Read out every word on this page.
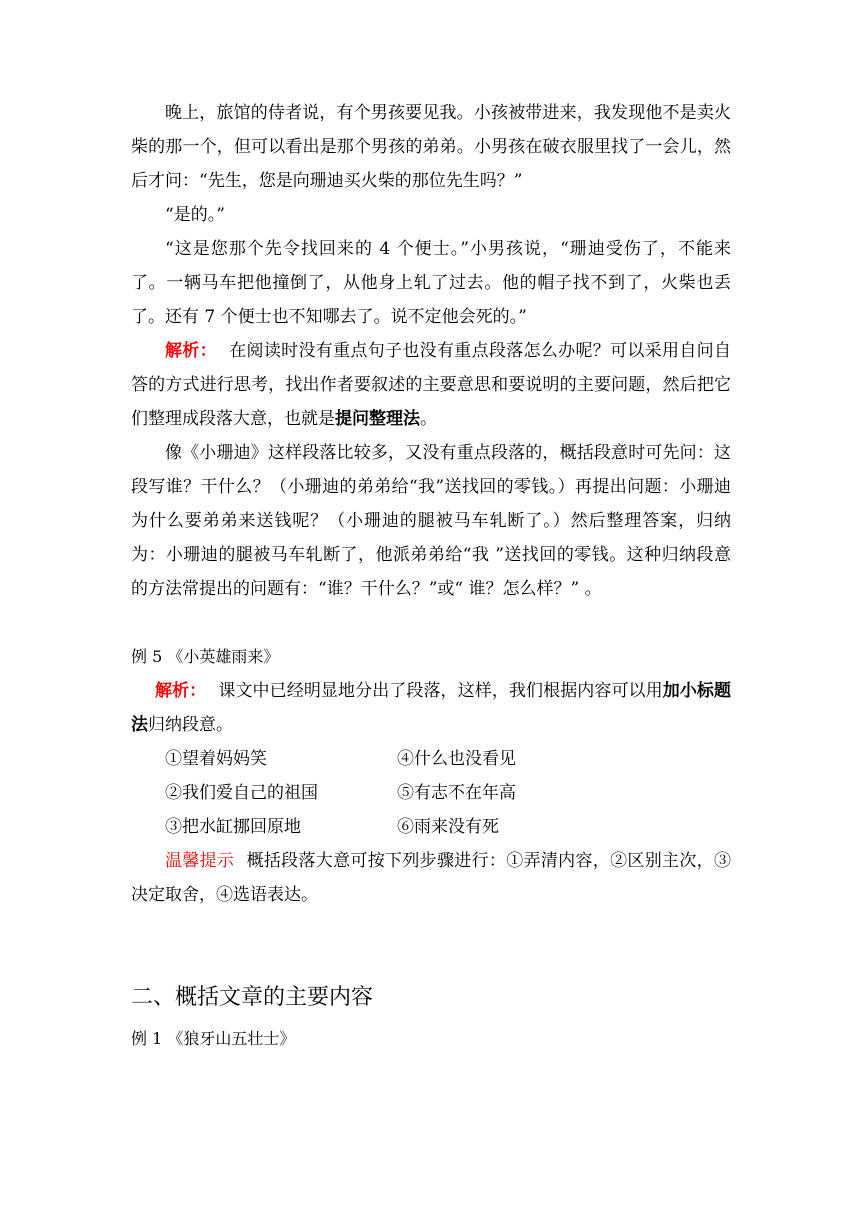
晚上，旅馆的侍者说，有个男孩要见我。小孩被带进来，我发现他不是卖火柴的那一个，但可以看出是那个男孩的弟弟。小男孩在破衣服里找了一会儿，然后才问：“先生，您是向珊迪买火柴的那位先生吗？”

“是的。”

“这是您那个先令找回来的 4 个便士。”小男孩说，“珊迪受伤了，不能来了。一辆马车把他撞倒了，从他身上轧了过去。他的帽子找不到了，火柴也丢了。还有 7 个便士也不知哪去了。说不定他会死的。”

解析： 在阅读时没有重点句子也没有重点段落怎么办呢？可以采用自问自答的方式进行思考，找出作者要叙述的主要意思和要说明的主要问题，然后把它们整理成段落大意，也就是提问整理法。

像《小珊迪》这样段落比较多，又没有重点段落的，概括段意时可先问：这段写谁？干什么？（小珊迪的弟弟给“我”送找回的零钱。）再提出问题：小珊迪为什么要弟弟来送钱呢？（小珊迪的腿被马车轧断了。）然后整理答案，归纳为：小珊迪的腿被马车轧断了，他派弟弟给“我 ”送找回的零钱。这种归纳段意的方法常提出的问题有：“谁？干什么？”或“ 谁？怎么样？” 。

例 5 《小英雄雨来》

解析： 课文中已经明显地分出了段落，这样，我们根据内容可以用加小标题法归纳段意。

①望着妈妈笑	④什么也没看见
②我们爱自己的祖国	⑤有志不在年高
③把水缸挪回原地	⑥雨来没有死

温馨提示 概括段落大意可按下列步骤进行：①弄清内容，②区别主次，③决定取舍，④选语表达。

二、概括文章的主要内容

例 1 《狼牙山五壮士》
